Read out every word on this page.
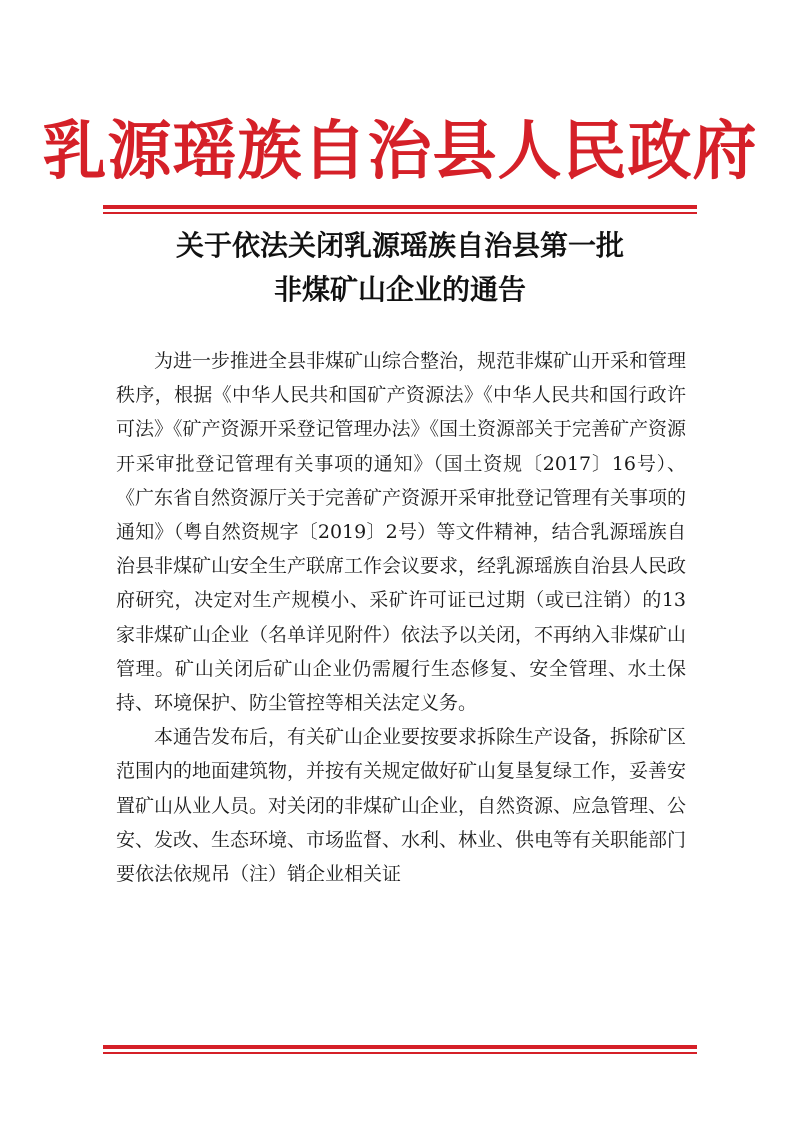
乳源瑶族自治县人民政府
关于依法关闭乳源瑶族自治县第一批
非煤矿山企业的通告

为进一步推进全县非煤矿山综合整治，规范非煤矿山开采和管理秩序，根据《中华人民共和国矿产资源法》《中华人民共和国行政许可法》《矿产资源开采登记管理办法》《国土资源部关于完善矿产资源开采审批登记管理有关事项的通知》（国土资规〔2017〕16号）、《广东省自然资源厅关于完善矿产资源开采审批登记管理有关事项的通知》（粤自然资规字〔2019〕2号）等文件精神，结合乳源瑶族自治县非煤矿山安全生产联席工作会议要求，经乳源瑶族自治县人民政府研究，决定对生产规模小、采矿许可证已过期（或已注销）的13家非煤矿山企业（名单详见附件）依法予以关闭，不再纳入非煤矿山管理。矿山关闭后矿山企业仍需履行生态修复、安全管理、水土保持、环境保护、防尘管控等相关法定义务。

本通告发布后，有关矿山企业要按要求拆除生产设备，拆除矿区范围内的地面建筑物，并按有关规定做好矿山复垦复绿工作，妥善安置矿山从业人员。对关闭的非煤矿山企业，自然资源、应急管理、公安、发改、生态环境、市场监督、水利、林业、供电等有关职能部门要依法依规吊（注）销企业相关证
